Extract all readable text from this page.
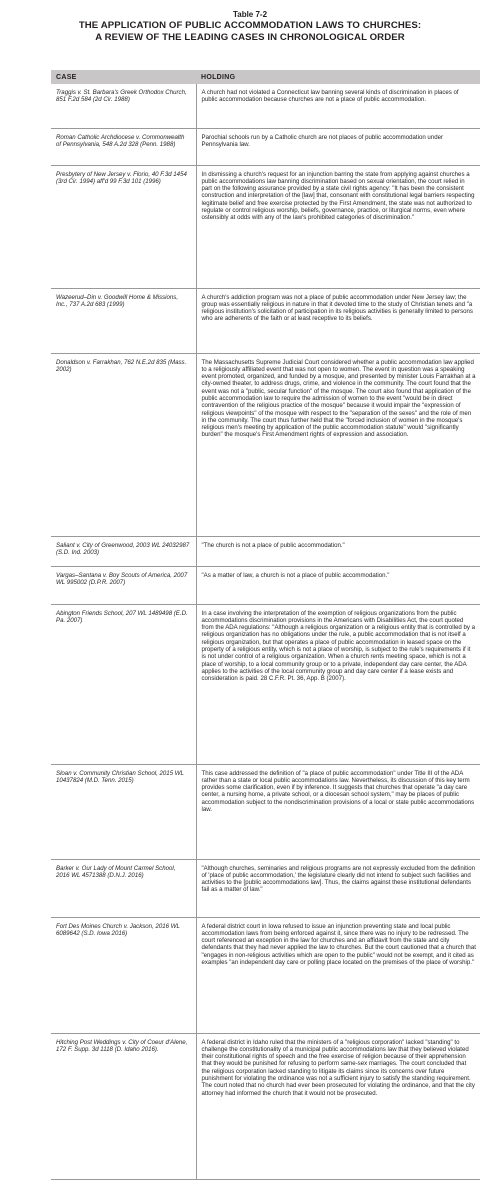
Table 7-2
THE APPLICATION OF PUBLIC ACCOMMODATION LAWS TO CHURCHES:
A REVIEW OF THE LEADING CASES IN CHRONOLOGICAL ORDER
CASE	HOLDING
Traggis v. St. Barbara's Greek Orthodox Church, 851 F.2d 584 (2d Cir. 1988)	A church had not violated a Connecticut law banning several kinds of discrimination in places of public accommodation because churches are not a place of public accommodation.
Roman Catholic Archdiocese v. Commonwealth of Pennsylvania, 548 A.2d 328 (Penn. 1988)	Parochial schools run by a Catholic church are not places of public accommodation under Pennsylvania law.
Presbytery of New Jersey v. Florio, 40 F.3d 1454 (3rd Cir. 1994) aff'd 99 F.3d 101 (1996)	In dismissing a church's request for an injunction barring the state from applying against churches a public accommodations law banning discrimination based on sexual orientation, the court relied in part on the following assurance provided by a state civil rights agency: "It has been the consistent construction and interpretation of the [law] that, consonant with constitutional legal barriers respecting legitimate belief and free exercise protected by the First Amendment, the state was not authorized to regulate or control religious worship, beliefs, governance, practice, or liturgical norms, even where ostensibly at odds with any of the law's prohibited categories of discrimination."
Wazeerud–Din v. Goodwill Home & Missions, Inc., 737 A.2d 683 (1999)	A church's addiction program was not a place of public accommodation under New Jersey law; the group was essentially religious in nature in that it devoted time to the study of Christian tenets and "a religious institution's solicitation of participation in its religious activities is generally limited to persons who are adherents of the faith or at least receptive to its beliefs.
Donaldson v. Farrakhan, 762 N.E.2d 835 (Mass. 2002)	The Massachusetts Supreme Judicial Court considered whether a public accommodation law applied to a religiously affiliated event that was not open to women. The event in question was a speaking event promoted, organized, and funded by a mosque, and presented by minister Louis Farrakhan at a city-owned theater, to address drugs, crime, and violence in the community. The court found that the event was not a "public, secular function" of the mosque. The court also found that application of the public accommodation law to require the admission of women to the event "would be in direct contravention of the religious practice of the mosque" because it would impair the "expression of religious viewpoints" of the mosque with respect to the "separation of the sexes" and the role of men in the community. The court thus further held that the "forced inclusion of women in the mosque's religious men's meeting by application of the public accommodation statute" would "significantly burden" the mosque's First Amendment rights of expression and association.
Saliant v. City of Greenwood, 2003 WL 24032987 (S.D. Ind. 2003)	"The church is not a place of public accommodation."
Vargas–Santana v. Boy Scouts of America, 2007 WL 995002 (D.P.R. 2007)	"As a matter of law, a church is not a place of public accommodation."
Abington Friends School, 207 WL 1489498 (E.D. Pa. 2007)	In a case involving the interpretation of the exemption of religious organizations from the public accommodations discrimination provisions in the Americans with Disabilities Act, the court quoted from the ADA regulations: "Although a religious organization or a religious entity that is controlled by a religious organization has no obligations under the rule, a public accommodation that is not itself a religious organization, but that operates a place of public accommodation in leased space on the property of a religious entity, which is not a place of worship, is subject to the rule's requirements if it is not under control of a religious organization. When a church rents meeting space, which is not a place of worship, to a local community group or to a private, independent day care center, the ADA applies to the activities of the local community group and day care center if a lease exists and consideration is paid. 28 C.F.R. Pt. 36, App. B (2007).
Sloan v. Community Christian School, 2015 WL 10437824 (M.D. Tenn. 2015)	This case addressed the definition of "a place of public accommodation" under Title III of the ADA rather than a state or local public accommodations law. Nevertheless, its discussion of this key term provides some clarification, even if by inference. It suggests that churches that operate "a day care center, a nursing home, a private school, or a diocesan school system," may be places of public accommodation subject to the nondiscrimination provisions of a local or state public accommodations law.
Barker v. Our Lady of Mount Carmel School, 2016 WL 4571388 (D.N.J. 2016)	"Although churches, seminaries and religious programs are not expressly excluded from the definition of 'place of public accommodation,' the legislature clearly did not intend to subject such facilities and activities to the [public accommodations law]. Thus, the claims against these institutional defendants fail as a matter of law."
Fort Des Moines Church v. Jackson, 2016 WL 6089642 (S.D. Iowa 2016)	A federal district court in Iowa refused to issue an injunction preventing state and local public accommodation laws from being enforced against it, since there was no injury to be redressed. The court referenced an exception in the law for churches and an affidavit from the state and city defendants that they had never applied the law to churches. But the court cautioned that a church that "engages in non-religious activities which are open to the public" would not be exempt, and it cited as examples "an independent day care or polling place located on the premises of the place of worship."
Hitching Post Weddings v. City of Coeur d'Alene, 172 F. Supp. 3d 1118 (D. Idaho 2016).	A federal district in Idaho ruled that the ministers of a "religious corporation" lacked "standing" to challenge the constitutionality of a municipal public accommodations law that they believed violated their constitutional rights of speech and the free exercise of religion because of their apprehension that they would be punished for refusing to perform same-sex marriages. The court concluded that the religious corporation lacked standing to litigate its claims since its concerns over future punishment for violating the ordinance was not a sufficient injury to satisfy the standing requirement. The court noted that no church had ever been prosecuted for violating the ordinance, and that the city attorney had informed the church that it would not be prosecuted.
